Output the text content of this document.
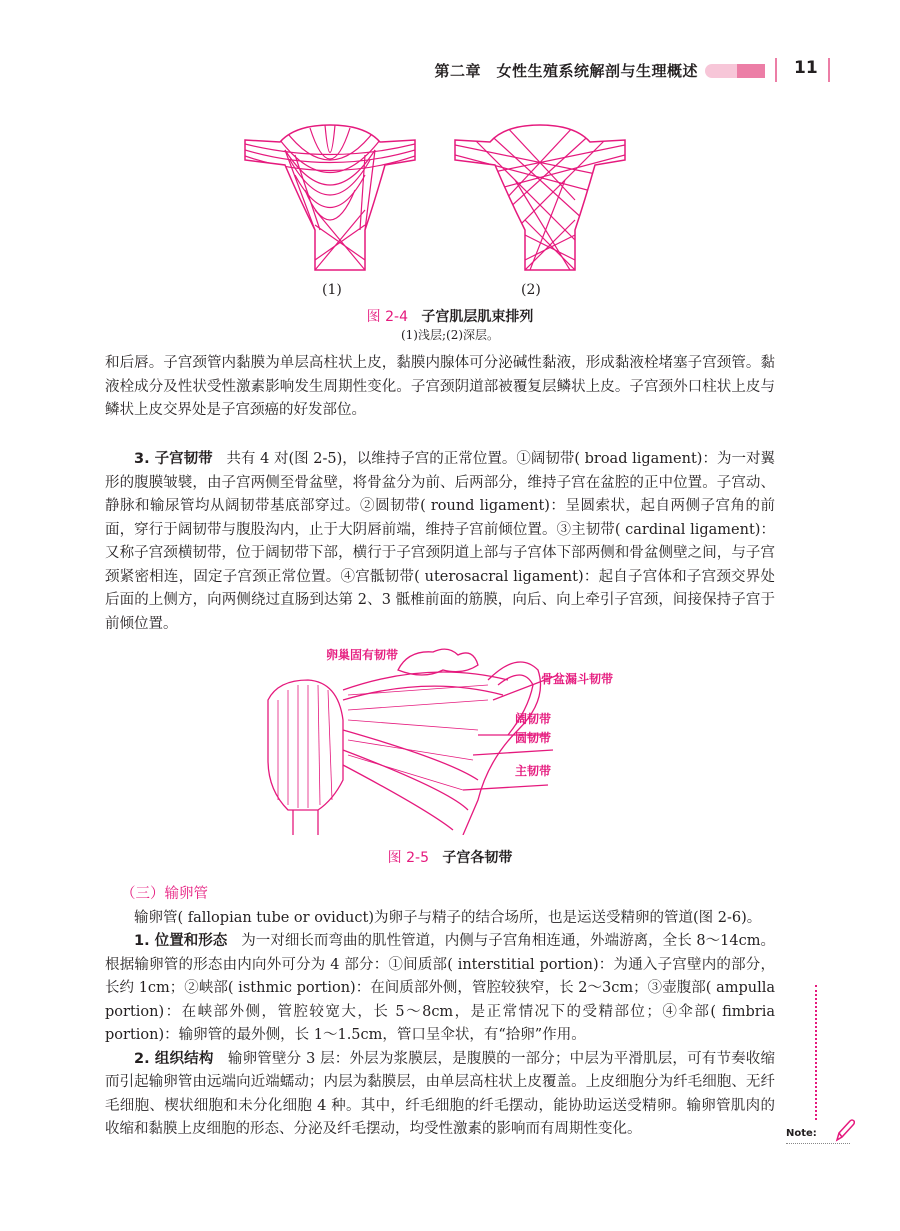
第二章　女性生殖系统解剖与生理概述	11
(1)	(2)
图 2-4 子宫肌层肌束排列
(1)浅层;(2)深层。

和后唇。子宫颈管内黏膜为单层高柱状上皮，黏膜内腺体可分泌碱性黏液，形成黏液栓堵塞子宫颈管。黏液栓成分及性状受性激素影响发生周期性变化。子宫颈阴道部被覆复层鳞状上皮。子宫颈外口柱状上皮与鳞状上皮交界处是子宫颈癌的好发部位。

3. 子宫韧带 共有 4 对(图 2-5)，以维持子宫的正常位置。①阔韧带( broad ligament)：为一对翼形的腹膜皱襞，由子宫两侧至骨盆壁，将骨盆分为前、后两部分，维持子宫在盆腔的正中位置。子宫动、静脉和输尿管均从阔韧带基底部穿过。②圆韧带( round ligament)：呈圆索状，起自两侧子宫角的前面，穿行于阔韧带与腹股沟内，止于大阴唇前端，维持子宫前倾位置。③主韧带( cardinal ligament)：又称子宫颈横韧带，位于阔韧带下部，横行于子宫颈阴道上部与子宫体下部两侧和骨盆侧壁之间，与子宫颈紧密相连，固定子宫颈正常位置。④宫骶韧带( uterosacral ligament)：起自子宫体和子宫颈交界处后面的上侧方，向两侧绕过直肠到达第 2、3 骶椎前面的筋膜，向后、向上牵引子宫颈，间接保持子宫于前倾位置。

卵巢固有韧带
骨盆漏斗韧带
阔韧带
圆韧带
主韧带
图 2-5 子宫各韧带

（三）输卵管

输卵管( fallopian tube or oviduct)为卵子与精子的结合场所，也是运送受精卵的管道(图 2-6)。

1. 位置和形态 为一对细长而弯曲的肌性管道，内侧与子宫角相连通，外端游离，全长 8～14cm。根据输卵管的形态由内向外可分为 4 部分：①间质部( interstitial portion)：为通入子宫壁内的部分，长约 1cm；②峡部( isthmic portion)：在间质部外侧，管腔较狭窄，长 2～3cm；③壶腹部( ampulla portion)：在峡部外侧，管腔较宽大，长 5～8cm，是正常情况下的受精部位；④伞部( fimbria portion)：输卵管的最外侧，长 1～1.5cm，管口呈伞状，有“拾卵”作用。

2. 组织结构 输卵管壁分 3 层：外层为浆膜层，是腹膜的一部分；中层为平滑肌层，可有节奏收缩而引起输卵管由远端向近端蠕动；内层为黏膜层，由单层高柱状上皮覆盖。上皮细胞分为纤毛细胞、无纤毛细胞、楔状细胞和未分化细胞 4 种。其中，纤毛细胞的纤毛摆动，能协助运送受精卵。输卵管肌肉的收缩和黏膜上皮细胞的形态、分泌及纤毛摆动，均受性激素的影响而有周期性变化。	Note:
